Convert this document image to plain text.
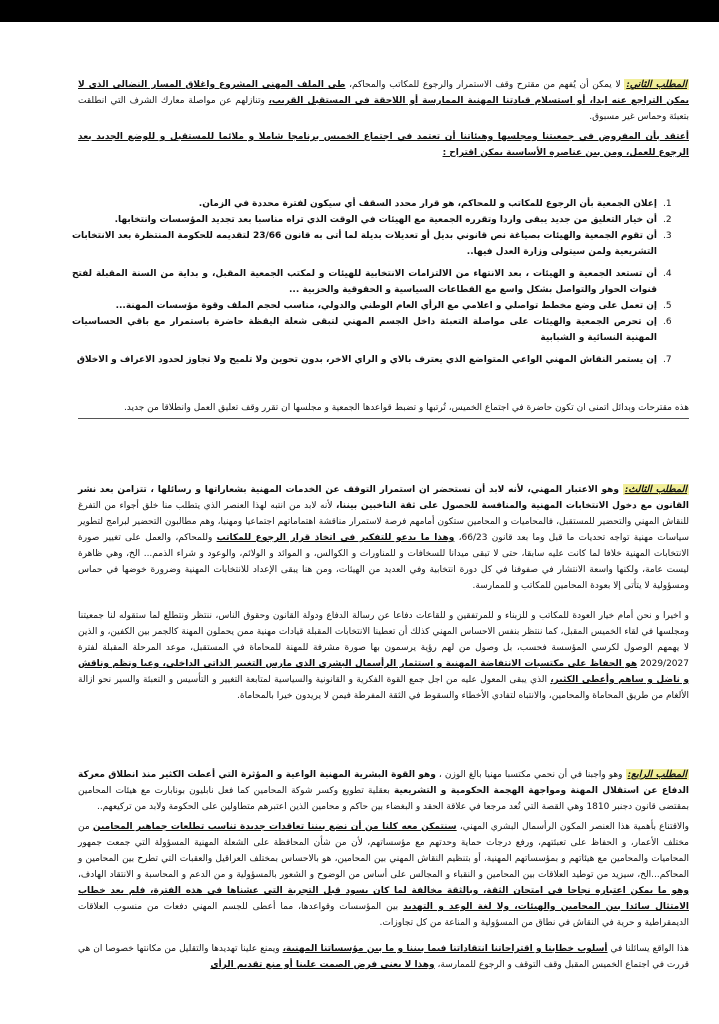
المطلب الثاني: لا يمكن أن يُفهم من مقترح وقف الاستمرار والرجوع للمكاتب والمحاكم، طي الملف المهني المشروع واغلاق المسار النضالي الذي لا يمكن التراجع عنه ابدا، أو استسلام قيادتنا المهنية الممارسة أو اللاحقة في المستقبل القريب، وتنازلهم عن مواصلة معارك الشرف التي انطلقت بتعبئة وحماس غير مسبوق.

أعتقد بأن المفروض في جمعيتنا ومجلسها وهيئاتنا أن تعتمد في اجتماع الخميس برنامجا شاملا و ملائما للمستقبل و للوضع الجديد بعد الرجوع للعمل، ومن بين عناصره الأساسية يمكن اقتراح :

1.
إعلان الجمعية بأن الرجوع للمكاتب و للمحاكم، هو قرار محدد السقف أي سيكون لفترة محددة في الزمان.
2.
أن خيار التعليق من جديد يبقى واردا وتقرره الجمعية مع الهيئات في الوقت الذي تراه مناسبا بعد تجديد المؤسسات وانتخابها.
3.
أن تقوم الجمعية والهيئات بصياغة نص قانوني بديل أو تعديلات بديلة لما أتى به قانون 23/66 لتقديمه للحكومة المنتظرة بعد الانتخابات التشريعية ولمن سيتولى وزارة العدل فيها..
4.
أن تستعد الجمعية و الهيئات ، بعد الانتهاء من الالتزامات الانتخابية للهيئات و لمكتب الجمعية المقبل، و بداية من السنة المقبلة لفتح قنوات الحوار والتواصل بشكل واسع مع القطاعات السياسية و الحقوقية والحزبية ...
5.
إن تعمل على وضع مخطط تواصلي و اعلامي مع الرأي العام الوطني والدولي، مناسب لحجم الملف وقوة مؤسسات المهنة...
6.
إن تحرص الجمعية والهيئات على مواصلة التعبئة داخل الجسم المهني لتبقى شعلة اليقظة حاضرة باستمرار مع باقي الحساسيات المهنية النسائية و الشبابية
7.
إن يستمر النقاش المهني الواعي المتواضع الذي يعترف بالاي و الراي الاخر، بدون تحوين ولا تلميح ولا تجاوز لحدود الاعراف و الاخلاق

هذه مقترحات وبدائل اتمنى ان تكون حاضرة في اجتماع الخميس، تُرتبها و تضبط قواعدها الجمعية و مجلسها ان تقرر وقف تعليق العمل وانطلاقا من جديد.

المطلب الثالث: وهو الاعتبار المهني، لأنه لابد أن نستحضر ان استمرار التوقف عن الخدمات المهنية بشعاراتها و رسائلها ، تتزامن بعد نشر القانون مع دخول الانتخابات المهنية والمنافسة للحصول على ثقة الناخبين بيننا، لأنه لابد من انتبه لهذا العنصر الذي يتطلب منا خلق أجواء من التفرغ للنقاش المهني والتحضير للمستقبل، فالمحاميات و المحامين ستكون أمامهم فرصة لاستمرار مناقشة اهتماماتهم اجتماعيا ومهنيا، وهم مطالبون التحضير لبرامج لتطوير سياسات مهنية تواجه تحديات ما قبل وما بعد قانون 66/23، وهذا ما يدعو للتفكير في اتخاذ قرار الرجوع للمكاتب وللمحاكم، والعمل على تغيير صورة الانتخابات المهنية خلافا لما كانت عليه سابقا، حتى لا تبقى ميدانا للسخافات و للمناورات و الكوالس، و الموائد و الولائم، والوعود و شراء الذمم... الخ، وهي ظاهرة ليست عامة، ولكنها واسعة الانتشار في صفوفنا في كل دورة انتخابية وفي العديد من الهيئات، ومن هنا يبقى الإعداد للانتخابات المهنية وضرورة خوضها في حماس ومسؤولية لا يتأتى إلا بعودة المحامين للمكاتب و للممارسة.

و اخيرا و نحن أمام خيار العودة للمكاتب و للزبناء و للمرتفقين و للقاعات دفاعا عن رسالة الدفاع ودولة القانون وحقوق الناس، ننتظر ونتطلع لما ستقوله لنا جمعيتنا ومجلسها في لقاء الخميس المقبل، كما ننتظر بنفس الاحساس المهني كذلك أن تعطينا الانتخابات المقبلة قيادات مهنية ممن يحملون المهنة كالجمر بين الكفين، و الذين لا يهمهم الوصول لكرسي المؤسسة فحسب، بل وصول من لهم رؤية يرسمون بها صورة مشرفة للمهنة للمحاماة في المستقبل، موعد المرحلة المقبلة لفترة 2029/2027 هو الحفاظ على مكتسبات الانتفاضة المهنية و استثمار الرأسمال البشري الذي مارس التغيير الذاتي الداخلي، وعيا ونظم وناقش و ناضل و ساهم وأعطى الكثير، الذي يبقى المعول عليه من اجل جمع القوة الفكرية و القانونية والسياسية لمتابعة التغيير و التأسيس و التعبئة والسير نحو ازالة الألغام من طريق المحاماة والمحامين، والانتباه لتفادي الأخطاء والسقوط في الثقة المفرطة فيمن لا يريدون خيرا بالمحاماة.

المطلب الرابع: وهو واجبنا في أن نحمي مكتسبا مهنيا بالغ الوزن ، وهو القوة البشرية المهنية الواعية و المؤثرة التي أعطت الكثير منذ انطلاق معركة الدفاع عن استقلال المهنة ومواجهة الهجمة الحكومية و التشريعية بعقلية تطويع وكسر شوكة المحامين كما فعل نابليون بونابارت مع هيئات المحامين بمقتضى قانون دجنبر 1810 وهي القصة التي تُعد مرجعا في علاقة الحقد و البغضاء بين حاكم و محامين الذين اعتبرهم متطاولين على الحكومة ولابد من تركيعهم..

والاقتناع بأهمية هذا العنصر المكون الرأسمال البشري المهني، سنتمكن معه كلنا من أن نضع بيننا تعاقدات جديدة تناسب تطلعات جماهير المحامين من مختلف الأعمار، و الحفاظ على تعبئتهم، ورفع درجات حماية وحدتهم مع مؤسساتهم، لأن من شأن المحافظة على الشعلة المهنية المسؤولة التي جمعت جمهور المحاميات والمحامين مع هيئاتهم و بمؤسساتهم المهنية، أو بتنظيم النقاش المهني بين المحامين، هو بالاحساس بمختلف العراقيل والعقبات التي تطرح بين المحامين و المحاكم...الخ، سيزيد من توطيد العلاقات بين المحامين و النقباء و المجالس على أساس من الوضوح و الشعور بالمسؤولية و من الدعم و المحاسبة و الانتقاد الهادف، وهو ما يمكن اعتباره نجاحا في امتحان الثقة، وبالثقة مخالفة لما كان يسود قبل التجربة التي عشناها في هذه الفترة، فلم يعد خطاب الامتثال سائدا بين المحامين والهيئات، ولا لغة الوعد و التهديد بين المؤسسات وقواعدها، مما أعطى للجسم المهني دفعات من منسوب العلاقات الديمقراطية و حرية في النقاش في نطاق من المسؤولية و المناعة من كل تجاوزات.

هذا الواقع يسائلنا في أسلوب خطابنا و اقتراحاتنا انتقاداتنا فيما بيننا و ما بين مؤسساتنا المهنية، ويمنع علينا تهديدها والتقليل من مكانتها خصوصا ان هي قررت في اجتماع الخميس المقبل وقف التوقف و الرجوع للممارسة، وهذا لا يعني فرض الصمت علينا أو منع تقديم الرأي
